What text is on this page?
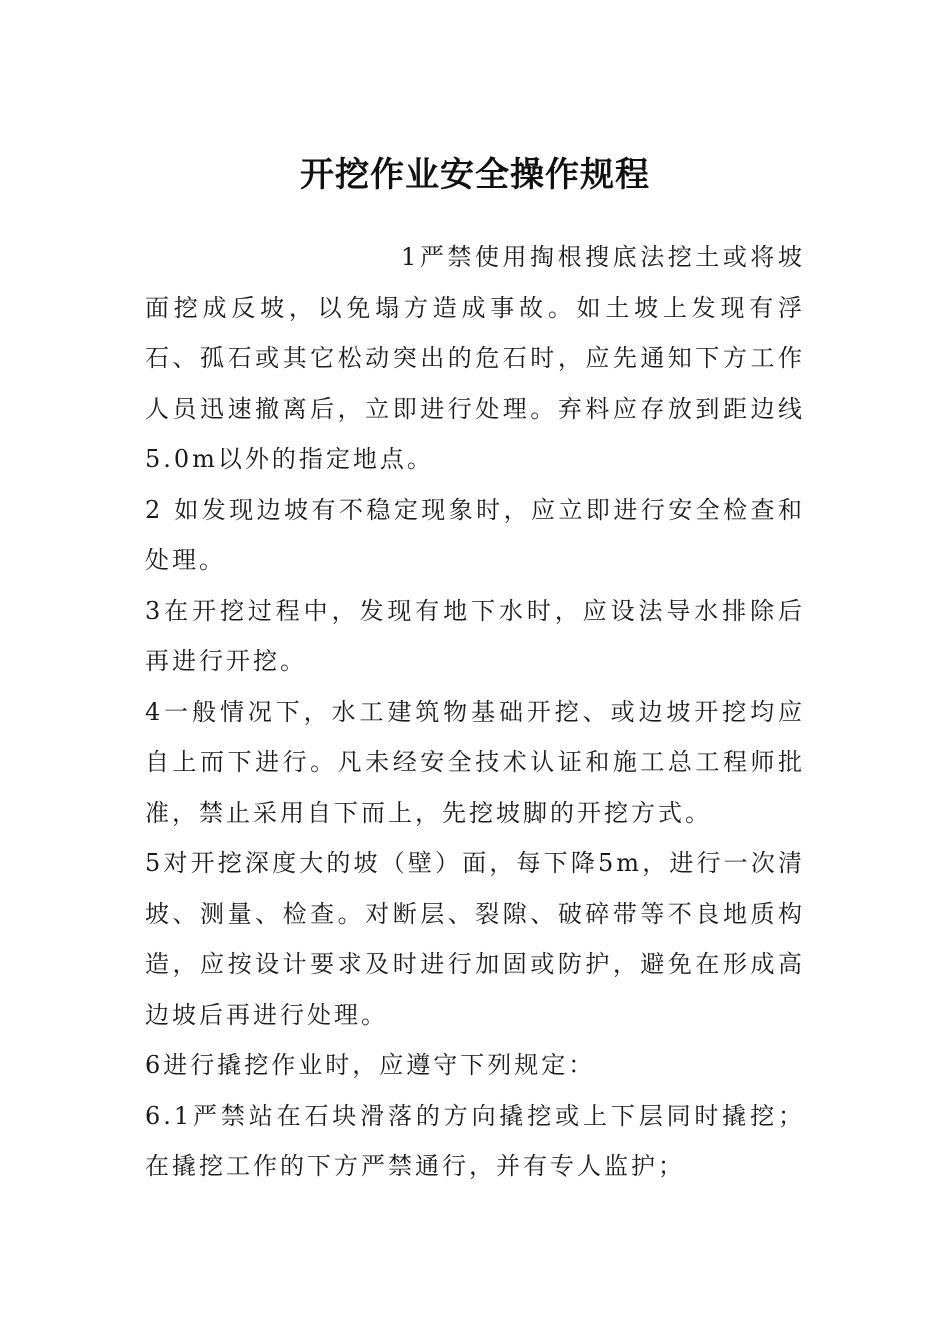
开挖作业安全操作规程

1严禁使用掏根搜底法挖土或将坡面挖成反坡，以免塌方造成事故。如土坡上发现有浮石、孤石或其它松动突出的危石时，应先通知下方工作人员迅速撤离后，立即进行处理。弃料应存放到距边线5.0m以外的指定地点。

2 如发现边坡有不稳定现象时，应立即进行安全检查和处理。

3在开挖过程中，发现有地下水时，应设法导水排除后再进行开挖。

4一般情况下，水工建筑物基础开挖、或边坡开挖均应自上而下进行。凡未经安全技术认证和施工总工程师批准，禁止采用自下而上，先挖坡脚的开挖方式。

5对开挖深度大的坡（壁）面，每下降5m，进行一次清坡、测量、检查。对断层、裂隙、破碎带等不良地质构造，应按设计要求及时进行加固或防护，避免在形成高边坡后再进行处理。

6进行撬挖作业时，应遵守下列规定：

6.1严禁站在石块滑落的方向撬挖或上下层同时撬挖；在撬挖工作的下方严禁通行，并有专人监护；
